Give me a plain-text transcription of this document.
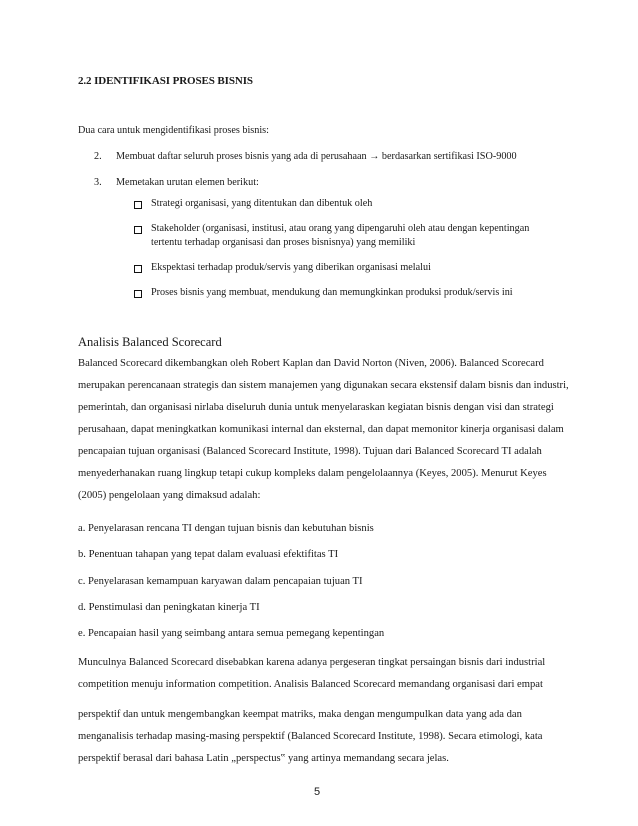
2.2 IDENTIFIKASI PROSES BISNIS
Dua cara untuk mengidentifikasi proses bisnis:
2. Membuat daftar seluruh proses bisnis yang ada di perusahaan → berdasarkan sertifikasi ISO-9000
3. Memetakan urutan elemen berikut:
Strategi organisasi, yang ditentukan dan dibentuk oleh
Stakeholder (organisasi, institusi, atau orang yang dipengaruhi oleh atau dengan kepentingan
tertentu terhadap organisasi dan proses bisnisnya) yang memiliki
Ekspektasi terhadap produk/servis yang diberikan organisasi melalui
Proses bisnis yang membuat, mendukung dan memungkinkan produksi produk/servis ini
Analisis Balanced Scorecard
Balanced Scorecard dikembangkan oleh Robert Kaplan dan David Norton (Niven, 2006). Balanced Scorecard
merupakan perencanaan strategis dan sistem manajemen yang digunakan secara ekstensif dalam bisnis dan industri,
pemerintah, dan organisasi nirlaba diseluruh dunia untuk menyelaraskan kegiatan bisnis dengan visi dan strategi
perusahaan, dapat meningkatkan komunikasi internal dan eksternal, dan dapat memonitor kinerja organisasi dalam
pencapaian tujuan organisasi (Balanced Scorecard Institute, 1998). Tujuan dari Balanced Scorecard TI adalah
menyederhanakan ruang lingkup tetapi cukup kompleks dalam pengelolaannya (Keyes, 2005). Menurut Keyes
(2005) pengelolaan yang dimaksud adalah:
a. Penyelarasan rencana TI dengan tujuan bisnis dan kebutuhan bisnis
b. Penentuan tahapan yang tepat dalam evaluasi efektifitas TI
c. Penyelarasan kemampuan karyawan dalam pencapaian tujuan TI
d. Penstimulasi dan peningkatan kinerja TI
e. Pencapaian hasil yang seimbang antara semua pemegang kepentingan
Munculnya Balanced Scorecard disebabkan karena adanya pergeseran tingkat persaingan bisnis dari industrial
competition menuju information competition. Analisis Balanced Scorecard memandang organisasi dari empat
perspektif dan untuk mengembangkan keempat matriks, maka dengan mengumpulkan data yang ada dan
menganalisis terhadap masing-masing perspektif (Balanced Scorecard Institute, 1998). Secara etimologi, kata
perspektif berasal dari bahasa Latin „perspectus‟ yang artinya memandang secara jelas.
5
